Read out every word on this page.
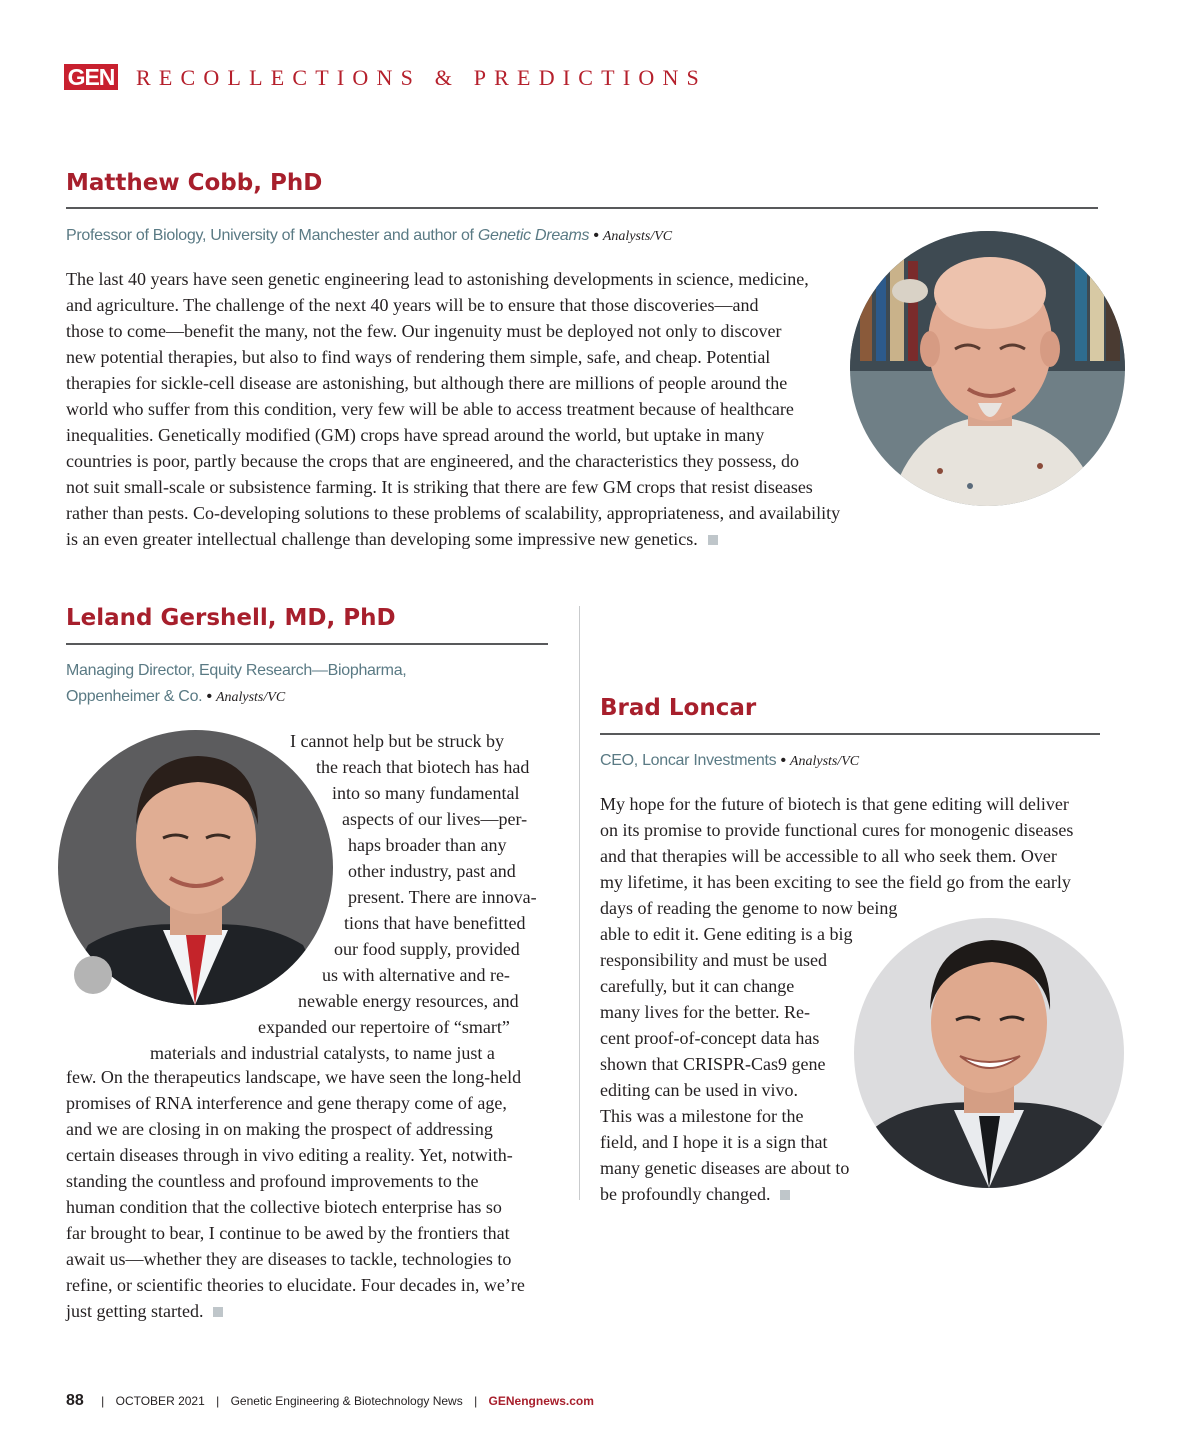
GEN RECOLLECTIONS & PREDICTIONS
Matthew Cobb, PhD
Professor of Biology, University of Manchester and author of Genetic Dreams • Analysts/VC
The last 40 years have seen genetic engineering lead to astonishing developments in science, medicine,
and agriculture. The challenge of the next 40 years will be to ensure that those discoveries—and
those to come—benefit the many, not the few. Our ingenuity must be deployed not only to discover
new potential therapies, but also to find ways of rendering them simple, safe, and cheap. Potential
therapies for sickle-cell disease are astonishing, but although there are millions of people around the
world who suffer from this condition, very few will be able to access treatment because of healthcare
inequalities. Genetically modified (GM) crops have spread around the world, but uptake in many
countries is poor, partly because the crops that are engineered, and the characteristics they possess, do
not suit small-scale or subsistence farming. It is striking that there are few GM crops that resist diseases
rather than pests. Co-developing solutions to these problems of scalability, appropriateness, and availability
is an even greater intellectual challenge than developing some impressive new genetics.
Leland Gershell, MD, PhD
Managing Director, Equity Research—Biopharma,
Oppenheimer & Co. • Analysts/VC
I cannot help but be struck by
the reach that biotech has had
into so many fundamental
aspects of our lives—per-
haps broader than any
other industry, past and
present. There are innova-
tions that have benefitted
our food supply, provided
us with alternative and re-
newable energy resources, and
expanded our repertoire of “smart”
materials and industrial catalysts, to name just a
few. On the therapeutics landscape, we have seen the long-held
promises of RNA interference and gene therapy come of age,
and we are closing in on making the prospect of addressing
certain diseases through in vivo editing a reality. Yet, notwith-
standing the countless and profound improvements to the
human condition that the collective biotech enterprise has so
far brought to bear, I continue to be awed by the frontiers that
await us—whether they are diseases to tackle, technologies to
refine, or scientific theories to elucidate. Four decades in, we’re
just getting started.
Brad Loncar
CEO, Loncar Investments • Analysts/VC
My hope for the future of biotech is that gene editing will deliver
on its promise to provide functional cures for monogenic diseases
and that therapies will be accessible to all who seek them. Over
my lifetime, it has been exciting to see the field go from the early
days of reading the genome to now being
able to edit it. Gene editing is a big
responsibility and must be used
carefully, but it can change
many lives for the better. Re-
cent proof-of-concept data has
shown that CRISPR-Cas9 gene
editing can be used in vivo.
This was a milestone for the
field, and I hope it is a sign that
many genetic diseases are about to
be profoundly changed.
88 | OCTOBER 2021 | Genetic Engineering & Biotechnology News | GENengnews.com
